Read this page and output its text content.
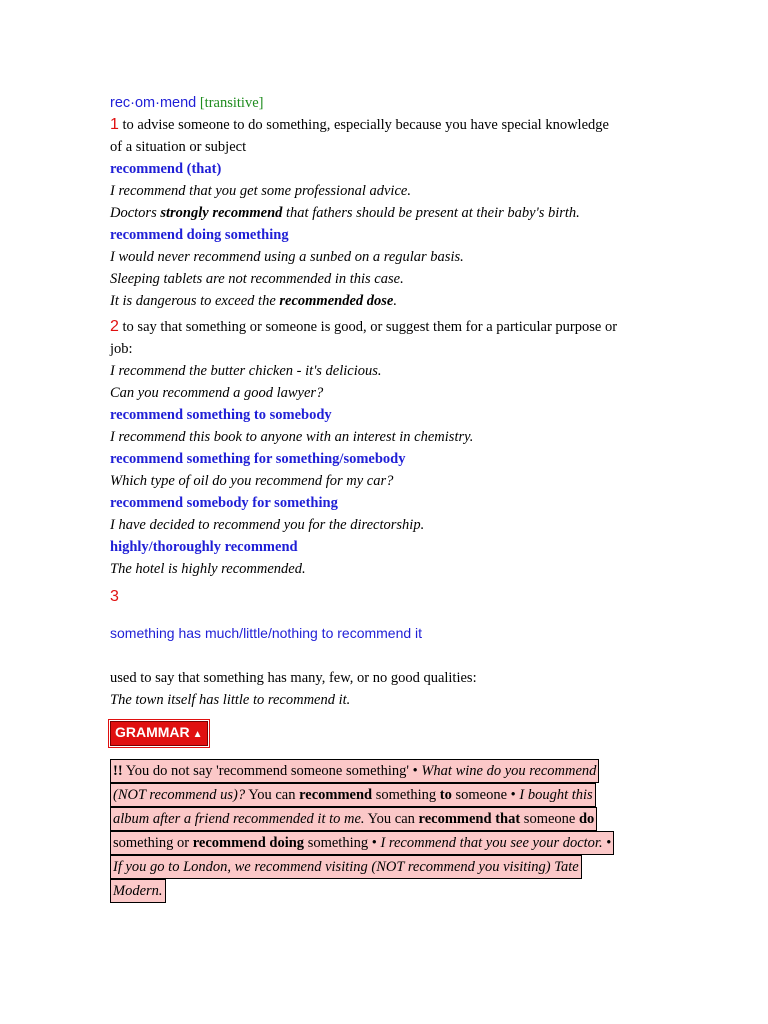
rec·om·mend [transitive]
1 to advise someone to do something, especially because you have special knowledge
of a situation or subject
recommend (that)
I recommend that you get some professional advice.
Doctors strongly recommend that fathers should be present at their baby's birth.
recommend doing something
I would never recommend using a sunbed on a regular basis.
Sleeping tablets are not recommended in this case.
It is dangerous to exceed the recommended dose.
2 to say that something or someone is good, or suggest them for a particular purpose or
job:
I recommend the butter chicken - it's delicious.
Can you recommend a good lawyer?
recommend something to somebody
I recommend this book to anyone with an interest in chemistry.
recommend something for something/somebody
Which type of oil do you recommend for my car?
recommend somebody for something
I have decided to recommend you for the directorship.
highly/thoroughly recommend
The hotel is highly recommended.
3
something has much/little/nothing to recommend it
used to say that something has many, few, or no good qualities:
The town itself has little to recommend it.
GRAMMAR ▲
!! You do not say 'recommend someone something' • What wine do you recommend
(NOT recommend us)? You can recommend something to someone • I bought this
album after a friend recommended it to me. You can recommend that someone do
something or recommend doing something • I recommend that you see your doctor. •
If you go to London, we recommend visiting (NOT recommend you visiting) Tate
Modern.
